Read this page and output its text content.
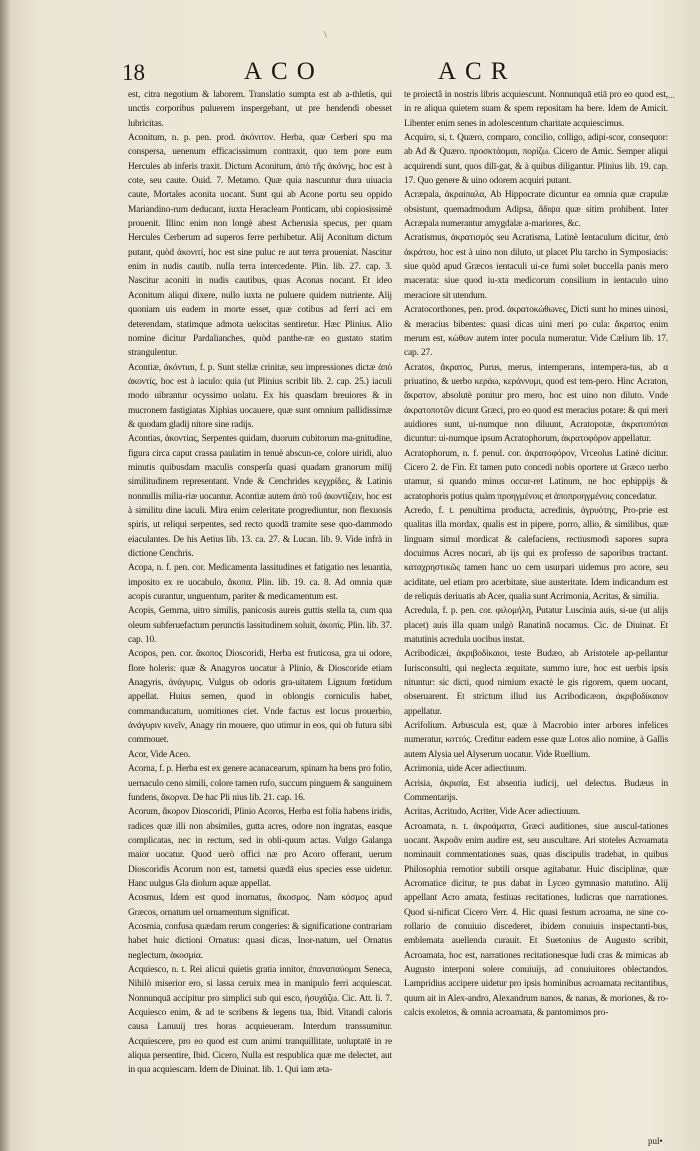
\
18	ACO	ACR
...

est, citra negotium & laborem. Translatio sumpta est ab a-thletis, qui unctis corporibus puluerem inspergebant, ut pre hendendi obesset lubricitas.

Aconitum, n. p. pen. prod. ἀκόνιτον. Herba, quæ Cerberi spu ma conspersa, uenenum efficacissimum contraxit, quo tem pore eum Hercules ab inferis traxit. Dictum Aconitum, ἀπὸ τῆς ἀκόνης, hoc est à cote, seu caute. Ouid. 7. Metamo. Quæ quia nascuntur dura uiuacia caute, Mortales aconita uocant. Sunt qui ab Acone portu seu oppido Mariandino-rum deducant, iuxta Heracleam Ponticam, ubi copiosissimè prouenit. Illinc enim non longè abest Acherusia specus, per quam Hercules Cerberum ad superos ferre perhibetur. Alij Aconitum dictum putant, quòd ἀκονιτί, hoc est sine puluc re aut terra proueniat. Nascitur enim in nudis cautib. nulla terra intercedente. Plin. lib. 27. cap. 3. Nascitur aconiti in nudis cautibus, quas Aconas nocant. Et ideo Aconitum aliqui dixere, nullo iuxta ne puluere quidem nutriente. Alij quoniam uis eadem in morte esset, quæ cotibus ad ferri aci em deterendam, statimque admota uelocitas sentiretur. Hæc Plinius. Alio nomine dicitur Pardalianches, quòd panthe-ræ eo gustato statim strangulentur.

Acontiæ, ἀκόντιαι, f. p. Sunt stellæ crinitæ, seu impressiones dictæ ἀπὸ ἀκοντίς, hoc est à iaculo: quia (ut Plinius scribit lib. 2. cap. 25.) iaculi modo uibrantur ocyssimo uolatu. Ex his quasdam breuiores & in mucronem fastigiatas Xiphias uocauere, quæ sunt omnium pallidissimæ & quodam gladij nitore sine radijs.

Acontias, ἀκοντίας, Serpentes quidam, duorum cubitorum ma-gnitudine, figura circa caput crassa paulatim in tenuè abscun-ce, colore uiridi, aluo minutis quibusdam maculis consperſa quasi quadam granorum milij similitudinem representant. Vnde & Cenchrides κεγχρίδες, & Latinis nonnullis milia-riæ uocantur. Acontiæ autem ἀπὸ τοῦ ἀκοντίζειν, hoc est à similitu dine iaculi. Mira enim celeritate progrediuntur, non flexuosis spiris, ut reliqui serpentes, sed recto quodā tramite sese quo-dammodo eiaculantes. De his Aetius lib. 13. ca. 27. & Lucan. lib. 9. Vide infrà in dictione Cenchris.

Acopa, n. f. pen. cor. Medicamenta lassitudines et fatigatio nes leuantia, imposito ex re uocabulo, ἄκοπα. Plin. lib. 19. ca. 8. Ad omnia quæ acopis curantur, unguentum, pariter & medicamentum est.

Acopis, Gemma, uitro similis, panicosis aureis guttis stella ta, cum qua oleum subferuefactum perunctis lassitudinem soluit, ἀκοπίς. Plin. lib. 37. cap. 10.

Acopos, pen. cor. ἄκοπος Dioscoridi, Herba est fruticosa, gra ui odore, flore holeris: quæ & Anagyros uocatur à Plinio, & Dioscoride etiam Anagyris, ἀνάγυρις. Vulgus ob odoris gra-uitatem Lignum fœtidum appellat. Huius semen, quod in oblongis corniculis habet, commanducatum, uomitiones ciet. Vnde factus est locus prouerbio, ἀνάγυριν κινεῖν, Anagy rin mouere, quo utimur in eos, qui ob futura sibi commouet.

Acor, Vide Aceo.

Acorna, f. p. Herba est ex genere acanacearum, spinam ha bens pro folio, uernaculo ceno simili, colore tamen rufo, succum pinguem & sanguinem fundens, ἄκορνα. De hac Pli nius lib. 21. cap. 16.

Acorum, ἄκορον Dioscoridi, Plinio Acoros, Herba est folia habens iridis, radices quæ illi non absimiles, gutta acres, odore non ingratas, easque complicatas, nec in rectum, sed in obli-quum actas. Vulgo Galanga maior uocatur. Quod uerò offici næ pro Acoro offerant, uerum Dioscoridis Acorum non est, tametsi quædā eius species esse uidetur. Hanc uulgus Gla diolum aquæ appellat.

Acosmus, Idem est quod inornatus, ἄκοσμος. Nam κόσμος apud Græcos, ornatum uel ornamentum significat.

Acosmia, confusa quædam rerum congeries: & significatione contrariam habet huic dictioni Ornatus: quasi dicas, Inor-natum, uel Ornatus neglectum, ἀκοσμία.

Acquiesco, n. t. Rei alicui quietis gratia innitor, ἐπαναπαύομαι Seneca, Nihilò miserior ero, si lassa ceruix mea in manipulo ferri acquiescat. Nonnunquā accipitur pro simplici sub qui esco, ἡσυχάζω. Cic. Att. li. 7. Acquiesco enim, & ad te scribens & legens tua, Ibid. Vitandi caloris causa Lanuuij tres horas acquieueram. Interdum transsumitur. Acquiescere, pro eo quod est cum animi tranquillitate, uoluptatē in re aliqua persentire, Ibid. Cicero, Nulla est respublica quæ me delectet, aut in qua acquiescam. Idem de Diuinat. lib. 1. Qui iam æta-

te proiectâ in nostris libris acquiescunt. Nonnunquā etiā pro eo quod est, in re aliqua quietem suam & spem repositam ha bere. Idem de Amicit. Libenter enim senes in adolescentum charitate acquiescimus.

Acquiro, si, t. Quæro, comparo, concilio, colligo, adipi-scor, consequor: ab Ad & Quæro. προσκτάομαι, πορίζω. Cicero de Amic. Semper aliqui acquirendi sunt, quos dilī-gat, & à quibus diligantur. Plinius lib. 19. cap. 17. Quo genere & uino odorem acquiri putant.

Acræpala, ἀκραίπαλα, Ab Hippocrate dicuntur ea omnia quæ crapulæ obsistunt, quemadmodum Adipsa, ἄδιψα quæ sitim prohibent. Inter Acræpala numerantur amygdalæ a-mariores, &c.

Acratismus, ἀκρατισμός seu Acratisma, Latinè Ientaculum dicitur, ἀπὸ ἀκράτου, hoc est à uino non diluto, ut placet Plu tarcho in Symposiacis: siue quòd apud Græcos ientaculi ui-ce fumi solet buccella panis mero macerata: siue quod iu-xta medicorum consilium in ientaculo uino meraciore sit utendum.

Acratocorthones, pen. prod. ἀκρατοκώθωνες, Dicti sunt ho mines uinosi, & meracius bibentes: quasi dicas uini meri po cula: ἄκρατος enim merum est, κώθων autem inter pocula numeratur. Vide Cælium lib. 17. cap. 27.

Acratos, ἄκρατος, Purus, merus, intemperans, intempera-tus, ab α priuatino, & uerbo κεράω, κεράννυμι, quod est tem-pero. Hinc Acraton, ἄκρατον, absolutè ponitur pro mero, hoc est uino non diluto. Vnde ἀκρατοποτῶν dicunt Græci, pro eo quod est meracius potare: & qui meri auidiores sunt, ui-numque non diluunt, Acratopotæ, ἀκρατοπόται dicuntur: ui-numque ipsum Acratophorum, ἀκρατοφόρον appellatur.

Acratophorum, n. f. penul. cor. ἀκρατοφόρον, Vrceolus Latinè dicitur. Cicero 2. de Fin. Et tamen puto concedi nobis oportere ut Græco uerbo utamur, si quando minus occur-ret Latinum, ne hoc ephippijs & acratophoris potius quàm προηγμένοις et ἀποπροηγμένοις concedatur.

Acredo, f. t. penultima producta, acredinis, ἀγρυότης, Pro-prie est qualitas illa mordax, qualis est in pipere, porro, allio, & similibus, quæ linguam simul mordicat & calefaciens, rectiusmodi sapores supra docuimus Acres nocari, ab ijs qui ex professo de saporibus tractant. καταχρηστικῶς tamen hanc uo cem usurpari uidemus pro acore, seu aciditate, uel etiam pro acerbitate, siue austeritate. Idem indicandum est de reliquis deriuatis ab Acer, qualia sunt Acrimonia, Acritas, & similia.

Acredula, f. p. pen. cor. φιλομήλη, Putatur Luscinia auis, si-ue (ut alijs placet) auis illa quam uulgò Ranatinā nocamus. Cic. de Diuinat. Et matutinis acredula uocibus instat.

Acribodicæi, ἀκριβοδίκαιοι, teste Budæo, ab Aristotele ap-pellantur Iurisconsulti, qui neglecta æquitate, summo iure, hoc est uerbis ipsis nituntur: sic dicti, quod nimium exactè le gis rigorem, quem uocant, obseruarent. Et strictum illud ius Acribodicæon, ἀκριβοδίκαιον appellatur.

Acrifolium. Arbuscula est, quæ à Macrobio inter arbores infelices numeratur, κοττός. Creditur eadem esse quæ Lotos alio nomine, à Gallis autem Alysia uel Alyserum uocatur. Vide Ruellium.

Acrimonia, uide Acer adiectiuum.

Acrisia, ἀκρισία, Est absentia iudicij, uel delectus. Budæus in Commentarijs.

Acritas, Acritudo, Acriter, Vide Acer adiectiuum.

Acroamata, n. t. ἀκροάματα, Græci auditiones, siue auscul-tationes uocant. Ἀκροᾶν enim audire est, seu auscultare. Ari stoteles Acroamata nominauit commentationes suas, quas discipulis tradebat, in quibus Philosophia remotior subtili orsque agitabatur. Huic disciplinæ, quæ Acromatice dicitur, te pus dabat in Lyceo gymnasio matutino. Alij appellant Acro amata, festiuas recitationes, ludicras que narrationes. Quod si-nificat Cicero Verr. 4. Hic quasi festum acroama, ne sine co-rollario de conuiuio discederet, ibidem conuiuis inspectanti-bus, emblemata auellenda curauit. Et Suetonius de Augusto scribit, Acroamata, hoc est, narrationes recitationesque ludi cras & mimicas ab Augusto interponi solere conuiuijs, ad conuiuitores oblectandos. Lampridius accipere uidetur pro ipsis hominibus acroamata recitantibus, quum ait in Alex-andro, Alexandrum nanos, & nanas, & moriones, & ro-calcis exoletos, & omnia acroamata, & pantomimos pro-

pul•
